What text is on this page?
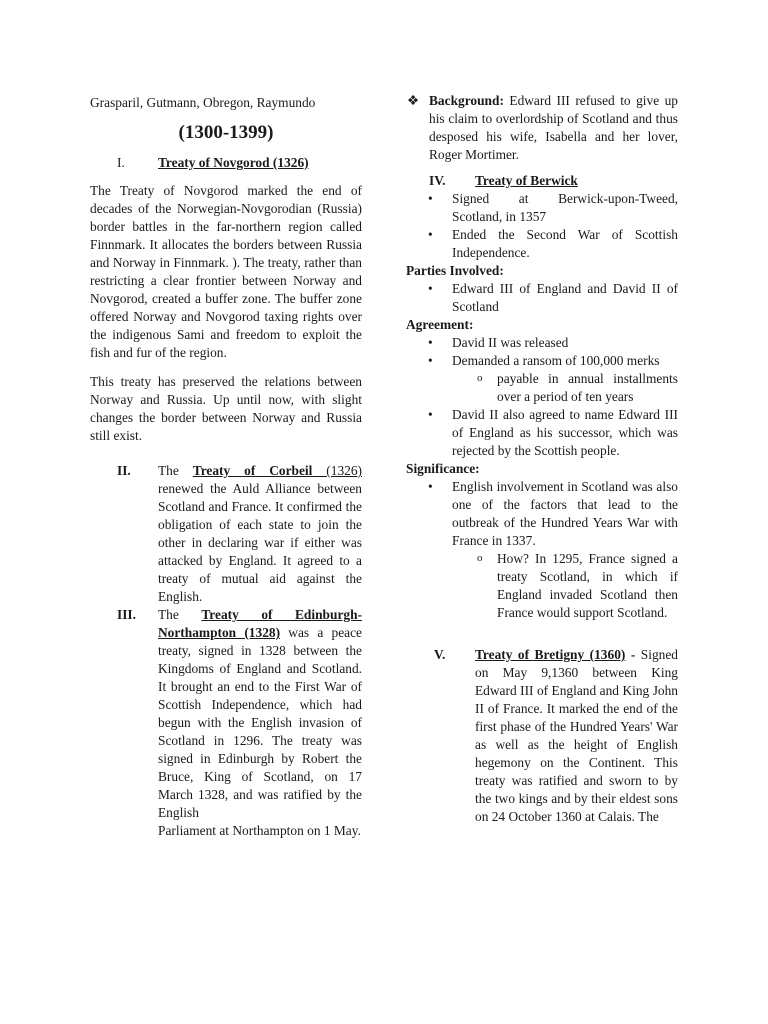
Grasparil, Gutmann, Obregon, Raymundo

(1300-1399)

I.	Treaty of Novgorod (1326)

The Treaty of Novgorod marked the end of decades of the Norwegian-Novgorodian (Russia) border battles in the far-northern region called Finnmark. It allocates the borders between Russia and Norway in Finnmark. ). The treaty, rather than restricting a clear frontier between Norway and Novgorod, created a buffer zone. The buffer zone offered Norway and Novgorod taxing rights over the indigenous Sami and freedom to exploit the fish and fur of the region.

This treaty has preserved the relations between Norway and Russia. Up until now, with slight changes the border between Norway and Russia still exist.

II.	The Treaty of Corbeil (1326) renewed the Auld Alliance between Scotland and France. It confirmed the obligation of each state to join the other in declaring war if either was attacked by England. It agreed to a treaty of mutual aid against the English.

III.	The Treaty of Edinburgh-Northampton (1328) was a peace treaty, signed in 1328 between the Kingdoms of England and Scotland. It brought an end to the First War of Scottish Independence, which had begun with the English invasion of Scotland in 1296. The treaty was signed in Edinburgh by Robert the Bruce, King of Scotland, on 17 March 1328, and was ratified by the English

Parliament at Northampton on 1 May.

❖ Background: Edward III refused to give up his claim to overlordship of Scotland and thus desposed his wife, Isabella and her lover, Roger Mortimer.

IV.	Treaty of Berwick
• Signed at Berwick-upon-Tweed, Scotland, in 1357
• Ended the Second War of Scottish Independence.

Parties Involved:

• Edward III of England and David II of Scotland

Agreement:

• David II was released
• Demanded a ransom of 100,000 merks
o payable in annual installments over a period of ten years
• David II also agreed to name Edward III of England as his successor, which was rejected by the Scottish people.

Significance:

• English involvement in Scotland was also one of the factors that lead to the outbreak of the Hundred Years War with France in 1337.
o How? In 1295, France signed a treaty Scotland, in which if England invaded Scotland then France would support Scotland.
V.	Treaty of Bretigny (1360) - Signed on May 9,1360 between King Edward III of England and King John II of France. It marked the end of the first phase of the Hundred Years' War as well as the height of English hegemony on the Continent. This treaty was ratified and sworn to by the two kings and by their eldest sons on 24 October 1360 at Calais. The
